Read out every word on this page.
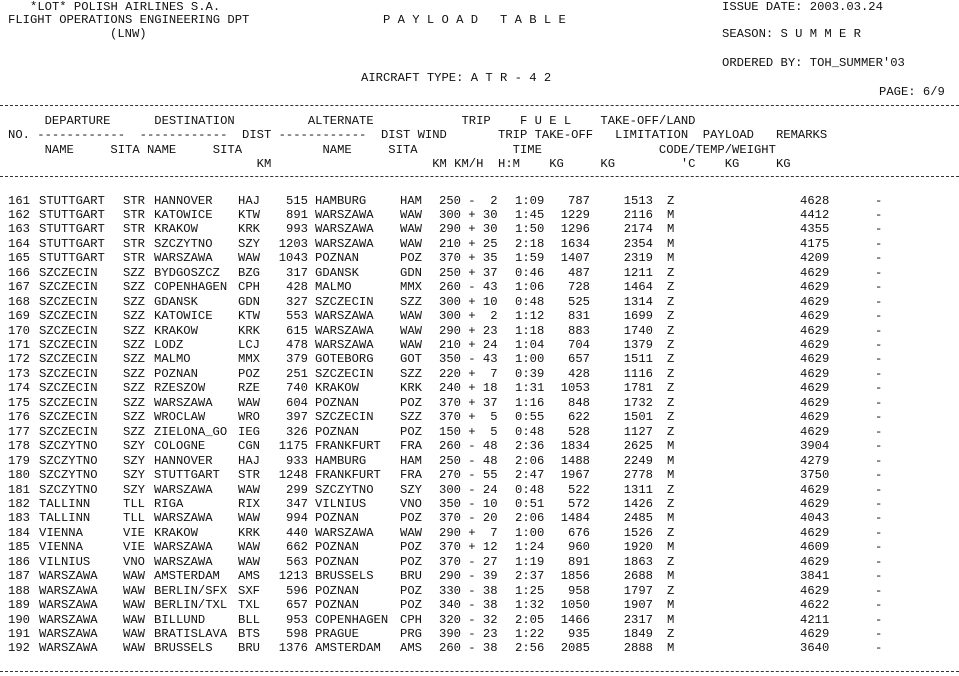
*LOT* POLISH AIRLINES S.A.
FLIGHT OPERATIONS ENGINEERING DPT
(LNW)
P A Y L O A D   T A B L E
ISSUE DATE: 2003.03.24
SEASON: S U M M E R
ORDERED BY: TOH_SUMMER'03
AIRCRAFT TYPE: A T R - 4 2
PAGE: 6/9
DEPARTURE      DESTINATION          ALTERNATE            TRIP    F U E L    TAKE-OFF/LAND
NO. ------------  ------------  DIST ------------  DIST WIND       TRIP TAKE-OFF   LIMITATION  PAYLOAD   REMARKS
NAME     SITA NAME     SITA           NAME     SITA             TIME                CODE/TEMP/WEIGHT
KM                      KM KM/H  H:M    KG     KG         'C    KG     KG
161 STUTTGART STR HANNOVER HAJ	515 HAMBURG	HAM 250 -  2 1:09	787	1513 Z	4628	-
162 STUTTGART STR KATOWICE KTW	891 WARSZAWA WAW 300 + 30 1:45	1229	2116 M	4412	-
163 STUTTGART STR KRAKOW	KRK	993 WARSZAWA WAW 290 + 30 1:50	1296	2174 M	4355	-
164 STUTTGART STR SZCZYTNO SZY	1203 WARSZAWA WAW 210 + 25 2:18	1634	2354 M	4175	-
165 STUTTGART STR WARSZAWA WAW	1043 POZNAN	POZ 370 + 35 1:59	1407	2319 M	4209	-
166 SZCZECIN SZZ BYDGOSZCZ BZG	317 GDANSK	GDN 250 + 37 0:46	487	1211 Z	4629	-
167 SZCZECIN SZZ COPENHAGEN CPH	428 MALMO	MMX 260 - 43 1:06	728	1464 Z	4629	-
168 SZCZECIN SZZ GDANSK	GDN	327 SZCZECIN SZZ 300 + 10 0:48	525	1314 Z	4629	-
169 SZCZECIN SZZ KATOWICE KTW	553 WARSZAWA WAW 300 +  2 1:12	831	1699 Z	4629	-
170 SZCZECIN SZZ KRAKOW	KRK	615 WARSZAWA WAW 290 + 23 1:18	883	1740 Z	4629	-
171 SZCZECIN SZZ LODZ	LCJ	478 WARSZAWA WAW 210 + 24 1:04	704	1379 Z	4629	-
172 SZCZECIN SZZ MALMO	MMX	379 GOTEBORG GOT 350 - 43 1:00	657	1511 Z	4629	-
173 SZCZECIN SZZ POZNAN	POZ	251 SZCZECIN SZZ 220 +  7 0:39	428	1116 Z	4629	-
174 SZCZECIN SZZ RZESZOW	RZE	740 KRAKOW	KRK 240 + 18 1:31	1053	1781 Z	4629	-
175 SZCZECIN SZZ WARSZAWA WAW	604 POZNAN	POZ 370 + 37 1:16	848	1732 Z	4629	-
176 SZCZECIN SZZ WROCLAW	WRO	397 SZCZECIN SZZ 370 +  5 0:55	622	1501 Z	4629	-
177 SZCZECIN SZZ ZIELONA_GO IEG	326 POZNAN	POZ 150 +  5 0:48	528	1127 Z	4629	-
178 SZCZYTNO SZY COLOGNE	CGN	1175 FRANKFURT FRA 260 - 48 2:36	1834	2625 M	3904	-
179 SZCZYTNO SZY HANNOVER HAJ	933 HAMBURG	HAM 250 - 48 2:06	1488	2249 M	4279	-
180 SZCZYTNO SZY STUTTGART STR	1248 FRANKFURT FRA 270 - 55 2:47	1967	2778 M	3750	-
181 SZCZYTNO SZY WARSZAWA WAW	299 SZCZYTNO SZY 300 - 24 0:48	522	1311 Z	4629	-
182 TALLINN	TLL RIGA	RIX	347 VILNIUS	VNO 350 - 10 0:51	572	1426 Z	4629	-
183 TALLINN	TLL WARSZAWA WAW	994 POZNAN	POZ 370 - 20 2:06	1484	2485 M	4043	-
184 VIENNA	VIE KRAKOW	KRK	440 WARSZAWA WAW 290 +  7 1:00	676	1526 Z	4629	-
185 VIENNA	VIE WARSZAWA WAW	662 POZNAN	POZ 370 + 12 1:24	960	1920 M	4609	-
186 VILNIUS	VNO WARSZAWA WAW	563 POZNAN	POZ 370 - 27 1:19	891	1863 Z	4629	-
187 WARSZAWA WAW AMSTERDAM AMS	1213 BRUSSELS BRU 290 - 39 2:37	1856	2688 M	3841	-
188 WARSZAWA WAW BERLIN/SFX SXF	596 POZNAN	POZ 330 - 38 1:25	958	1797 Z	4629	-
189 WARSZAWA WAW BERLIN/TXL TXL	657 POZNAN	POZ 340 - 38 1:32	1050	1907 M	4622	-
190 WARSZAWA WAW BILLUND	BLL	953 COPENHAGEN CPH 320 - 32 2:05	1466	2317 M	4211	-
191 WARSZAWA WAW BRATISLAVA BTS	598 PRAGUE	PRG 390 - 23 1:22	935	1849 Z	4629	-
192 WARSZAWA WAW BRUSSELS BRU	1376 AMSTERDAM AMS 260 - 38 2:56	2085	2888 M	3640	-
